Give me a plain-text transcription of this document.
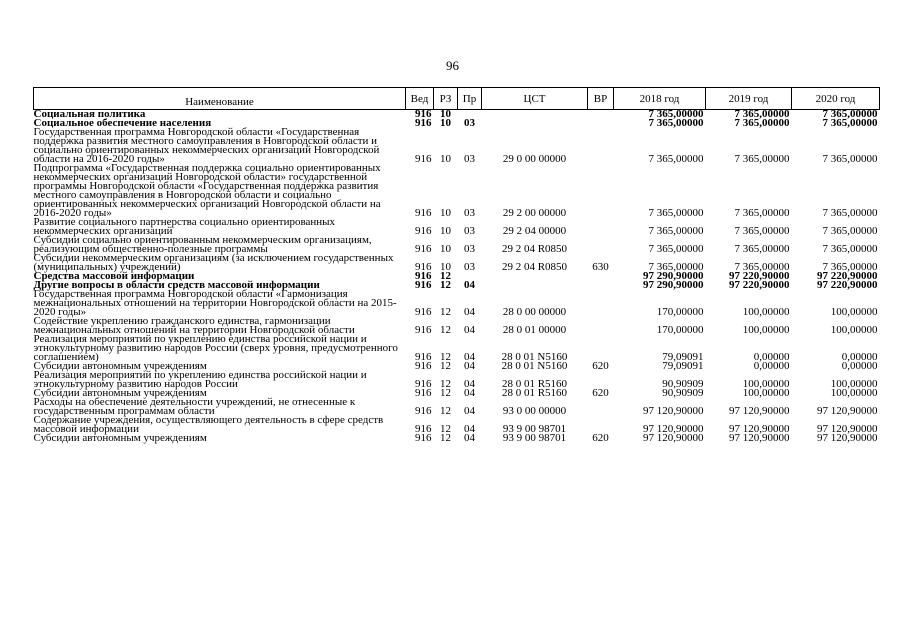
96
Наименование	Вед	РЗ	Пр	ЦСТ	ВР	2018 год	2019 год	2020 год
Социальная политика	916	10				7 365,00000	7 365,00000	7 365,00000
Социальное обеспечение населения	916	10	03			7 365,00000	7 365,00000	7 365,00000
Государственная программа Новгородской области «Государственная поддержка развития местного самоуправления в Новгородской области и социально ориентированных некоммерческих организаций Новгородской области на 2016-2020 годы»	916	10	03	29 0 00 00000		7 365,00000	7 365,00000	7 365,00000
Подпрограмма «Государственная поддержка социально ориентированных некоммерческих организаций Новгородской области» государственной программы Новгородской области «Государственная поддержка развития местного самоуправления в Новгородской области и социально ориентированных некоммерческих организаций Новгородской области на 2016-2020 годы»	916	10	03	29 2 00 00000		7 365,00000	7 365,00000	7 365,00000
Развитие социального партнерства социально ориентированных некоммерческих организаций	916	10	03	29 2 04 00000		7 365,00000	7 365,00000	7 365,00000
Субсидии социально ориентированным некоммерческим организациям, реализующим общественно-полезные программы	916	10	03	29 2 04 R0850		7 365,00000	7 365,00000	7 365,00000
Субсидии некоммерческим организациям (за исключением государственных (муниципальных) учреждений)	916	10	03	29 2 04 R0850	630	7 365,00000	7 365,00000	7 365,00000
Средства массовой информации	916	12				97 290,90000	97 220,90000	97 220,90000
Другие вопросы в области средств массовой информации	916	12	04			97 290,90000	97 220,90000	97 220,90000
Государственная программа Новгородской области «Гармонизация межнациональных отношений на территории Новгородской области на 2015-2020 годы»	916	12	04	28 0 00 00000		170,00000	100,00000	100,00000
Содействие укреплению гражданского единства, гармонизации межнациональных отношений на территории Новгородской области	916	12	04	28 0 01 00000		170,00000	100,00000	100,00000
Реализация мероприятий по укреплению единства российской нации и этнокультурному развитию народов России (сверх уровня, предусмотренного соглашением)	916	12	04	28 0 01 N5160		79,09091	0,00000	0,00000
Субсидии автономным учреждениям	916	12	04	28 0 01 N5160	620	79,09091	0,00000	0,00000
Реализация мероприятий по укреплению единства российской нации и этнокультурному развитию народов России	916	12	04	28 0 01 R5160		90,90909	100,00000	100,00000
Субсидии автономным учреждениям	916	12	04	28 0 01 R5160	620	90,90909	100,00000	100,00000
Расходы на обеспечение деятельности учреждений, не отнесенные к государственным программам области	916	12	04	93 0 00 00000		97 120,90000	97 120,90000	97 120,90000
Содержание учреждения, осуществляющего деятельность в сфере средств массовой информации	916	12	04	93 9 00 98701		97 120,90000	97 120,90000	97 120,90000
Субсидии автономным учреждениям	916	12	04	93 9 00 98701	620	97 120,90000	97 120,90000	97 120,90000
